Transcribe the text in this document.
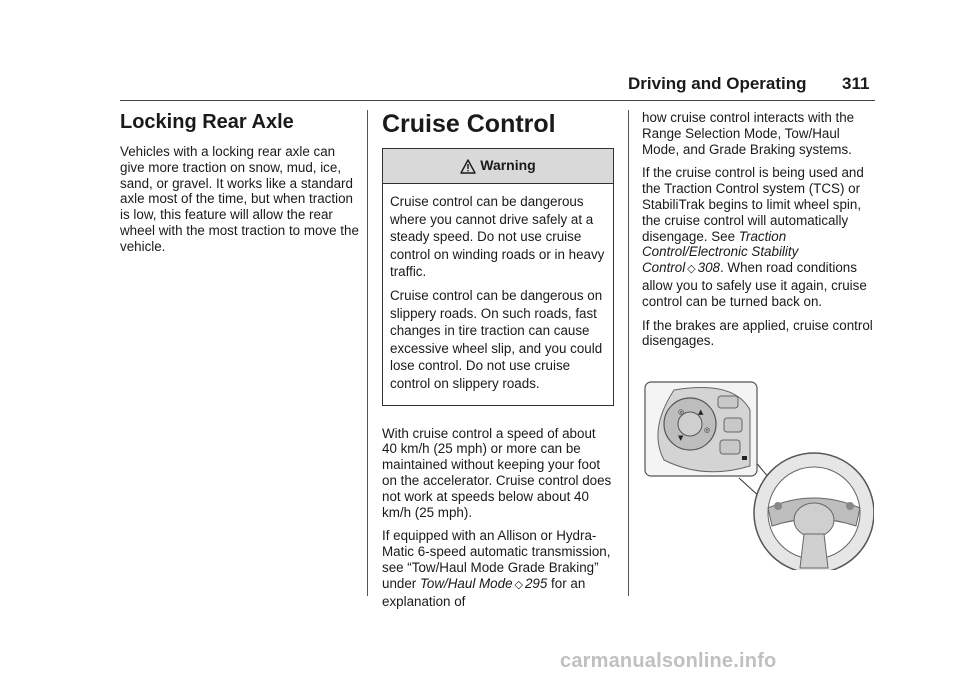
Driving and Operating 311
Locking Rear Axle

Vehicles with a locking rear axle can give more traction on snow, mud, ice, sand, or gravel. It works like a standard axle most of the time, but when traction is low, this feature will allow the rear wheel with the most traction to move the vehicle.

Cruise Control
Warning

Cruise control can be dangerous where you cannot drive safely at a steady speed. Do not use cruise control on winding roads or in heavy traffic.

Cruise control can be dangerous on slippery roads. On such roads, fast changes in tire traction can cause excessive wheel slip, and you could lose control. Do not use cruise control on slippery roads.

With cruise control a speed of about 40 km/h (25 mph) or more can be maintained without keeping your foot on the accelerator. Cruise control does not work at speeds below about 40 km/h (25 mph).

If equipped with an Allison or Hydra-Matic 6-speed automatic transmission, see “Tow/Haul Mode Grade Braking” under Tow/Haul Mode ◇ 295 for an explanation of

how cruise control interacts with the Range Selection Mode, Tow/Haul Mode, and Grade Braking systems.

If the cruise control is being used and the Traction Control system (TCS) or StabiliTrak begins to limit wheel spin, the cruise control will automatically disengage. See Traction Control/Electronic Stability Control ◇ 308. When road conditions allow you to safely use it again, cruise control can be turned back on.

If the brakes are applied, cruise control disengages.

◎ ▲
▼
◎
carmanualsonline.info
